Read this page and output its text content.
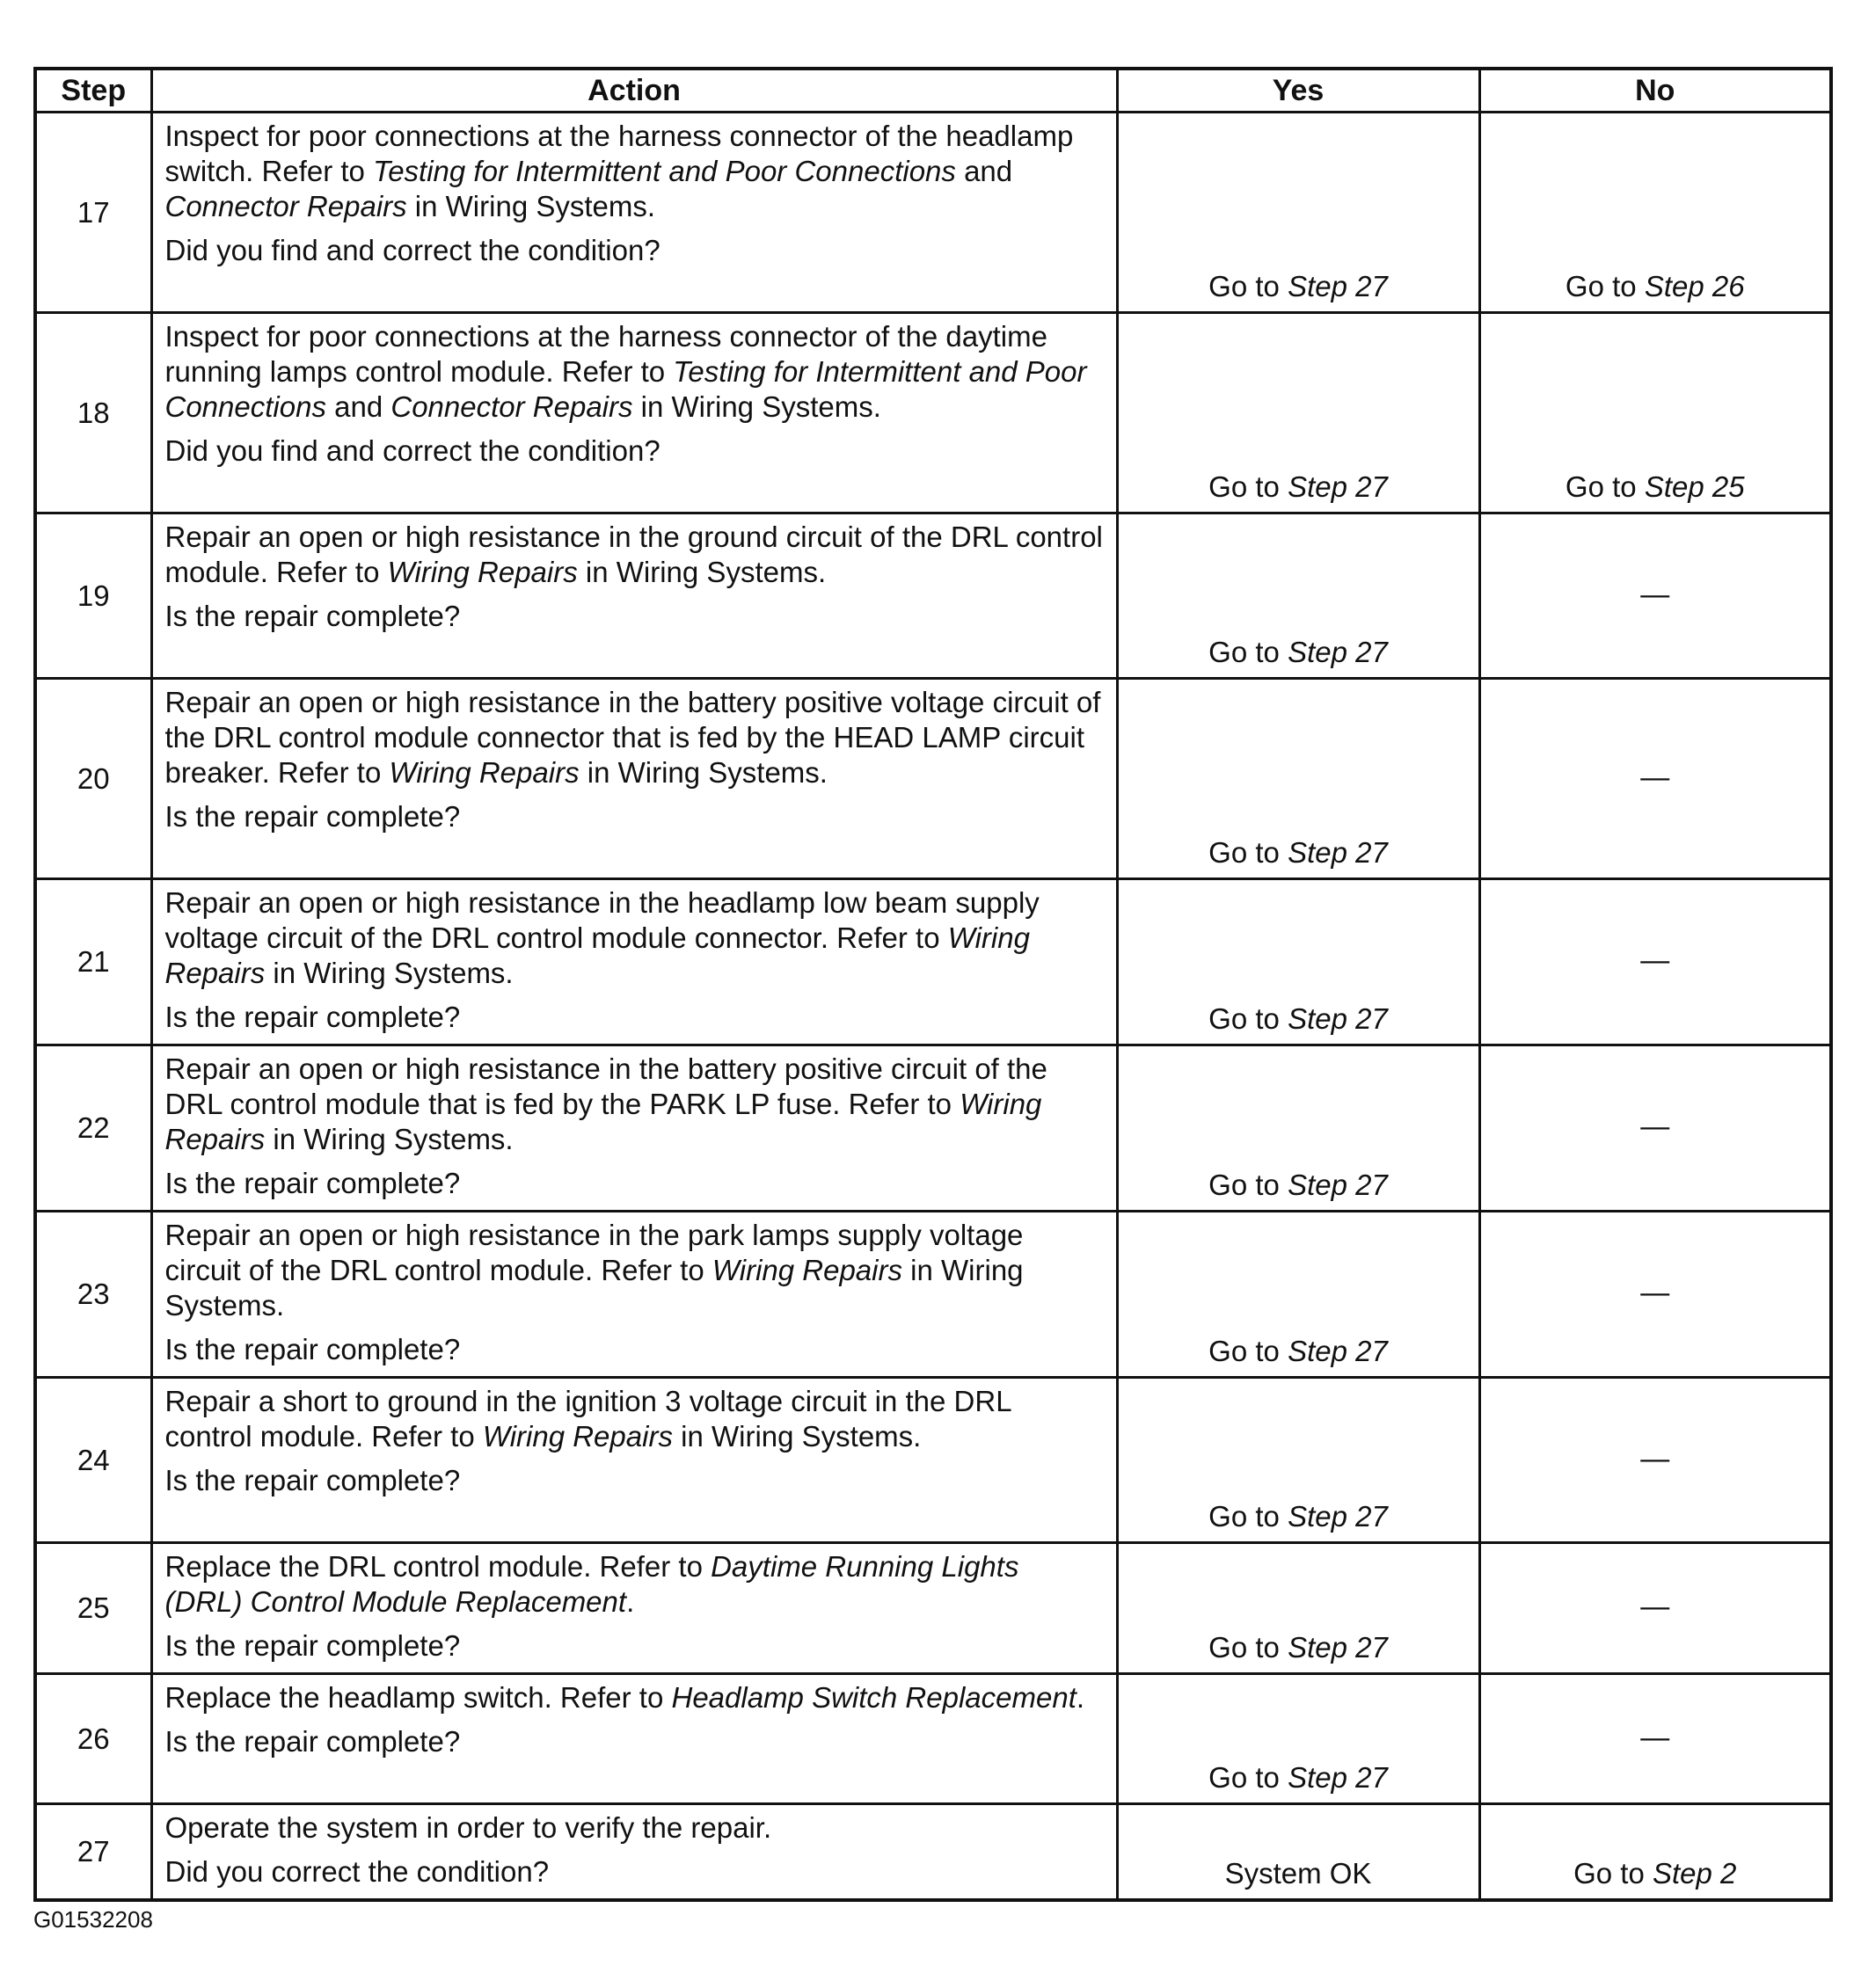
Step	Action	Yes	No
17	Inspect for poor connections at the harness connector of the headlamp switch. Refer to Testing for Intermittent and Poor Connections and Connector Repairs in Wiring Systems.
Did you find and correct the condition?	Go to Step 27	Go to Step 26

18	Inspect for poor connections at the harness connector of the daytime running lamps control module. Refer to Testing for Intermittent and Poor Connections and Connector Repairs in Wiring Systems.
Did you find and correct the condition?	Go to Step 27	Go to Step 25

19	Repair an open or high resistance in the ground circuit of the DRL control module. Refer to Wiring Repairs in Wiring Systems.
Is the repair complete?	Go to Step 27	—

20	Repair an open or high resistance in the battery positive voltage circuit of the DRL control module connector that is fed by the HEAD LAMP circuit breaker. Refer to Wiring Repairs in Wiring Systems.
Is the repair complete?	Go to Step 27	—

21	Repair an open or high resistance in the headlamp low beam supply voltage circuit of the DRL control module connector. Refer to Wiring Repairs in Wiring Systems.
Is the repair complete?	Go to Step 27	—

22	Repair an open or high resistance in the battery positive circuit of the DRL control module that is fed by the PARK LP fuse. Refer to Wiring Repairs in Wiring Systems.
Is the repair complete?	Go to Step 27	—

23	Repair an open or high resistance in the park lamps supply voltage circuit of the DRL control module. Refer to Wiring Repairs in Wiring Systems.
Is the repair complete?	Go to Step 27	—

24	Repair a short to ground in the ignition 3 voltage circuit in the DRL control module. Refer to Wiring Repairs in Wiring Systems.
Is the repair complete?	Go to Step 27	—

25	Replace the DRL control module. Refer to Daytime Running Lights (DRL) Control Module Replacement.
Is the repair complete?	Go to Step 27	—

26	Replace the headlamp switch. Refer to Headlamp Switch Replacement.
Is the repair complete?	Go to Step 27	—

27	Operate the system in order to verify the repair.
Did you correct the condition?	System OK	Go to Step 2
G01532208
